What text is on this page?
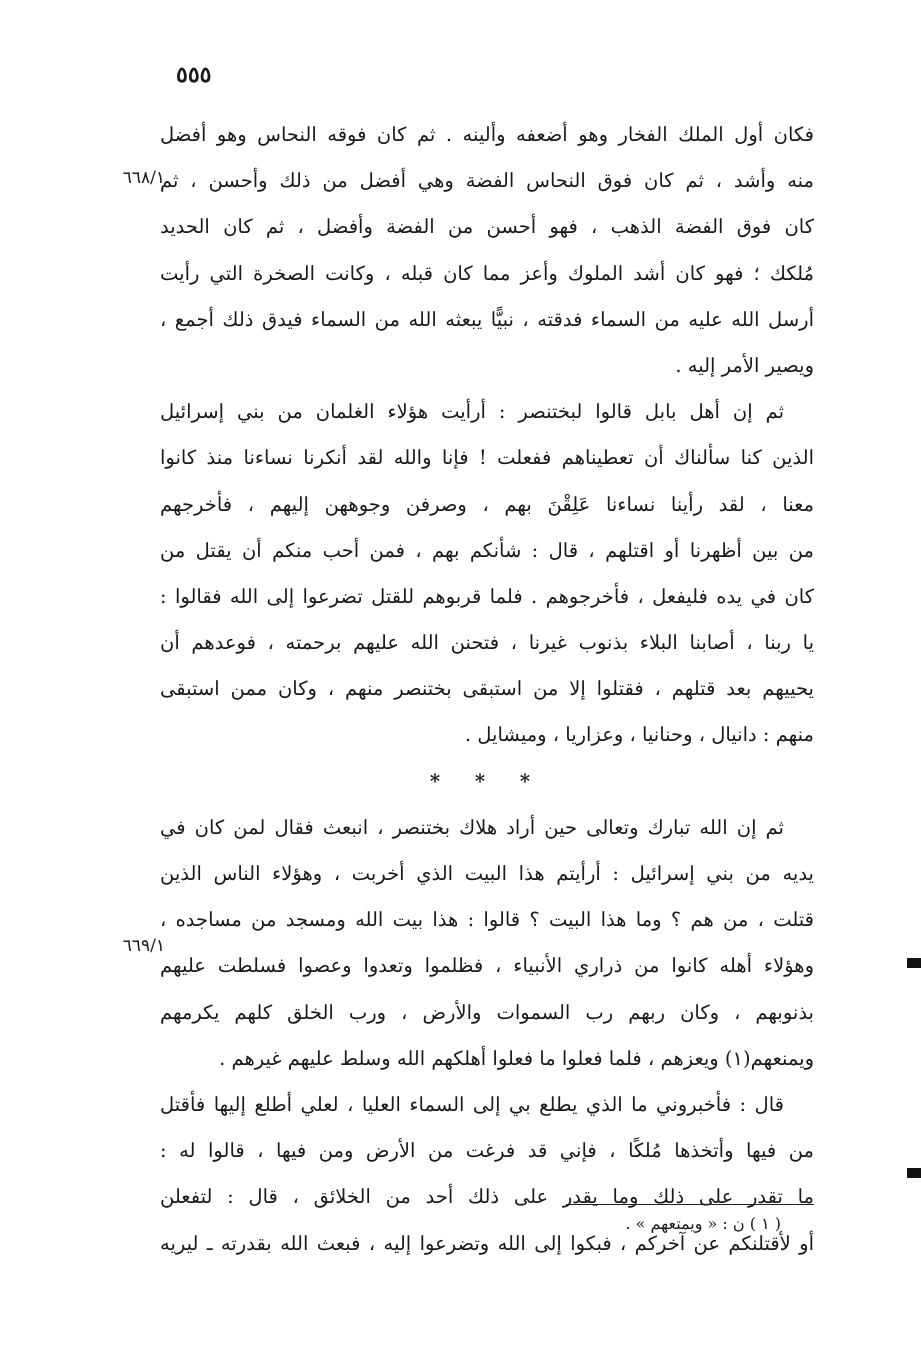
٥٥٥
٦٦٨/١
٦٦٩/١
فكان أول الملك الفخار وهو أضعفه وألينه . ثم كان فوقه النحاس وهو أفضل
منه وأشد ، ثم كان فوق النحاس الفضة وهي أفضل من ذلك وأحسن ، ثم
كان فوق الفضة الذهب ، فهو أحسن من الفضة وأفضل ، ثم كان الحديد
مُلكك ؛ فهو كان أشد الملوك وأعز مما كان قبله ، وكانت الصخرة التي رأيت
أرسل الله عليه من السماء فدقته ، نبيًّا يبعثه الله من السماء فيدق ذلك أجمع ،
ويصير الأمر إليه .
ثم إن أهل بابل قالوا لبختنصر : أرأيت هؤلاء الغلمان من بني إسرائيل
الذين كنا سألناك أن تعطيناهم ففعلت ! فإنا والله لقد أنكرنا نساءنا منذ كانوا
معنا ، لقد رأينا نساءنا عَلِقْنَ بهم ، وصرفن وجوههن إليهم ، فأخرجهم
من بين أظهرنا أو اقتلهم ، قال : شأنكم بهم ، فمن أحب منكم أن يقتل من
كان في يده فليفعل ، فأخرجوهم . فلما قربوهم للقتل تضرعوا إلى الله فقالوا :
يا ربنا ، أصابنا البلاء بذنوب غيرنا ، فتحنن الله عليهم برحمته ، فوعدهم أن
يحييهم بعد قتلهم ، فقتلوا إلا من استبقى بختنصر منهم ، وكان ممن استبقى
منهم : دانيال ، وحنانيا ، وعزاريا ، وميشايل .
* * *
ثم إن الله تبارك وتعالى حين أراد هلاك بختنصر ، انبعث فقال لمن كان في
يديه من بني إسرائيل : أرأيتم هذا البيت الذي أخربت ، وهؤلاء الناس الذين
قتلت ، من هم ؟ وما هذا البيت ؟ قالوا : هذا بيت الله ومسجد من مساجده ،
وهؤلاء أهله كانوا من ذراري الأنبياء ، فظلموا وتعدوا وعصوا فسلطت عليهم
بذنوبهم ، وكان ربهم رب السموات والأرض ، ورب الخلق كلهم يكرمهم
ويمنعهم(١) ويعزهم ، فلما فعلوا ما فعلوا أهلكهم الله وسلط عليهم غيرهم .
قال : فأخبروني ما الذي يطلع بي إلى السماء العليا ، لعلي أطلع إليها فأقتل
من فيها وأتخذها مُلكًا ، فإني قد فرغت من الأرض ومن فيها ، قالوا له :
ما تقدر على ذلك وما يقدر على ذلك أحد من الخلائق ، قال : لتفعلن
أو لأقتلنكم عن آخركم ، فبكوا إلى الله وتضرعوا إليه ، فبعث الله بقدرته ـ ليريه
( ١ ) ن : « ويمتعهم » .
